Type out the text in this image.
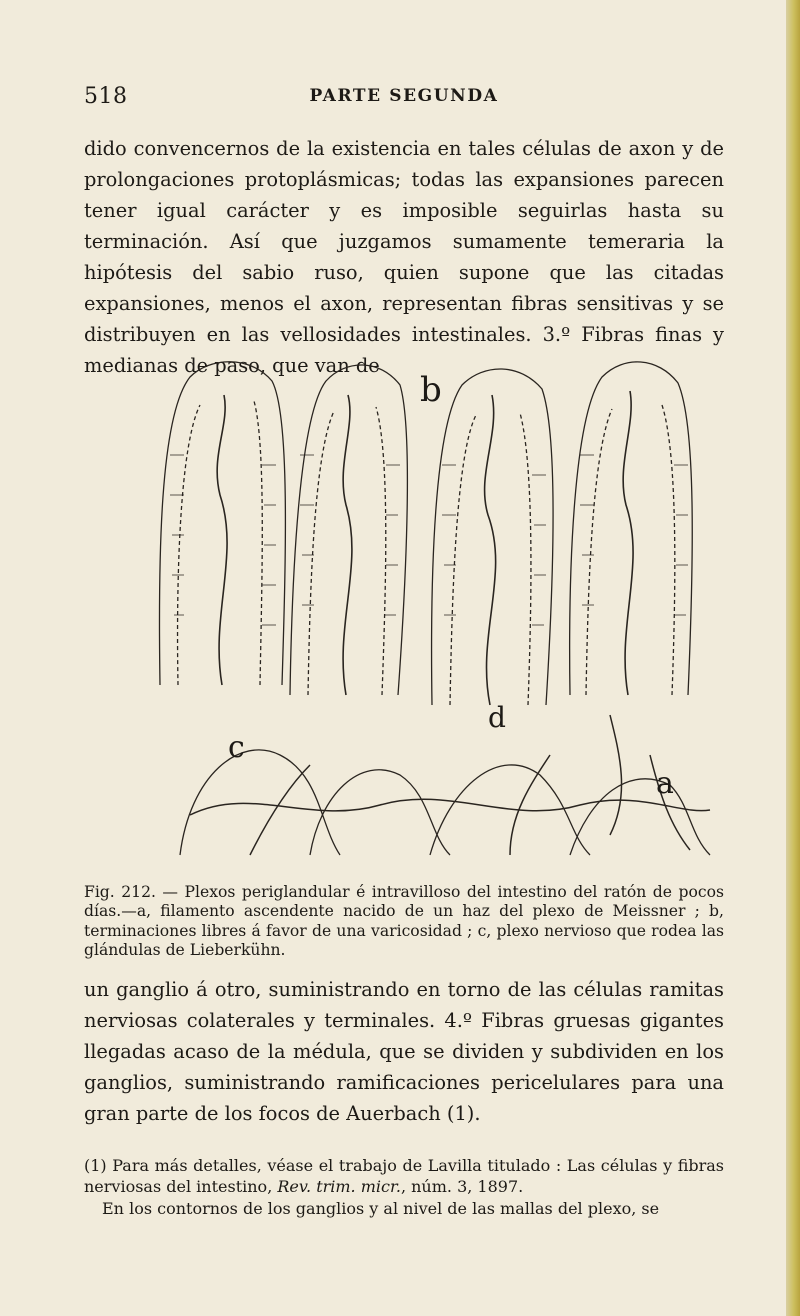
518	PARTE SEGUNDA

dido convencernos de la existencia en tales células de axon y de prolongaciones protoplásmicas; todas las expansiones parecen tener igual carácter y es imposible seguirlas hasta su terminación. Así que juzgamos sumamente temeraria la hipótesis del sabio ruso, quien supone que las citadas expansiones, menos el axon, representan fibras sensitivas y se distribuyen en las vellosidades intestinales. 3.º Fibras finas y medianas de paso, que van de

b
c
d
a

Fig. 212. — Plexos periglandular é intravilloso del intestino del ratón de pocos días.—a, filamento ascendente nacido de un haz del plexo de Meissner ; b, terminaciones libres á favor de una varicosidad ; c, plexo nervioso que rodea las glándulas de Lieberkühn.

un ganglio á otro, suministrando en torno de las células ramitas nerviosas colaterales y terminales. 4.º Fibras gruesas gigantes llegadas acaso de la médula, que se dividen y subdividen en los ganglios, suministrando ramificaciones pericelulares para una gran parte de los focos de Auerbach (1).

(1) Para más detalles, véase el trabajo de Lavilla titulado : Las células y fibras nerviosas del intestino, Rev. trim. micr., núm. 3, 1897.

En los contornos de los ganglios y al nivel de las mallas del plexo, se
